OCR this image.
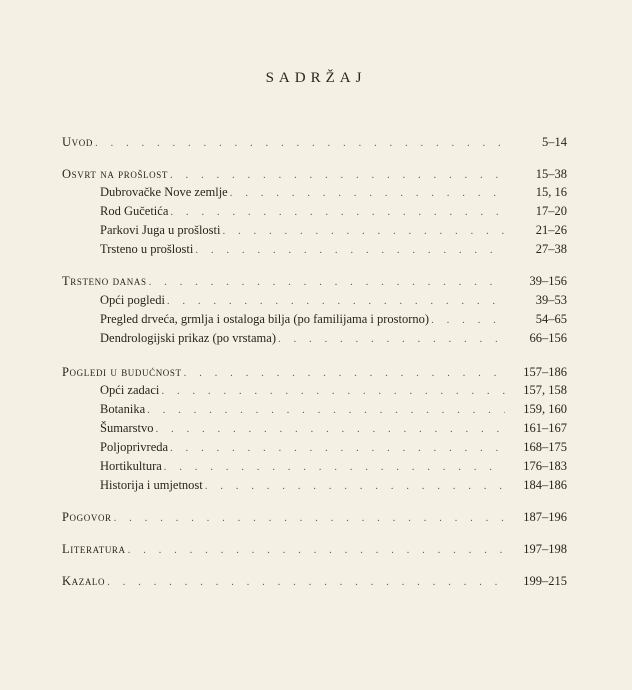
SADRŽAJ
Uvod . . .	5–14
Osvrt na prošlost . . .	15–38
Dubrovačke Nove zemlje . . .	15, 16
Rod Gučetića . . .	17–20
Parkovi Juga u prošlosti . . .	21–26
Trsteno u prošlosti . . .	27–38
Trsteno danas . . .	39–156
Opći pogledi . . .	39–53
Pregled drveća, grmlja i ostaloga bilja (po familijama i prostorno) . . .	54–65
Dendrologijski prikaz (po vrstama) . . .	66–156
Pogledi u budućnost . . .	157–186
Opći zadaci . . .	157, 158
Botanika . . .	159, 160
Šumarstvo . . .	161–167
Poljoprivreda . . .	168–175
Hortikultura . . .	176–183
Historija i umjetnost . . .	184–186
Pogovor . . .	187–196
Literatura . . .	197–198
Kazalo . . .	199–215
